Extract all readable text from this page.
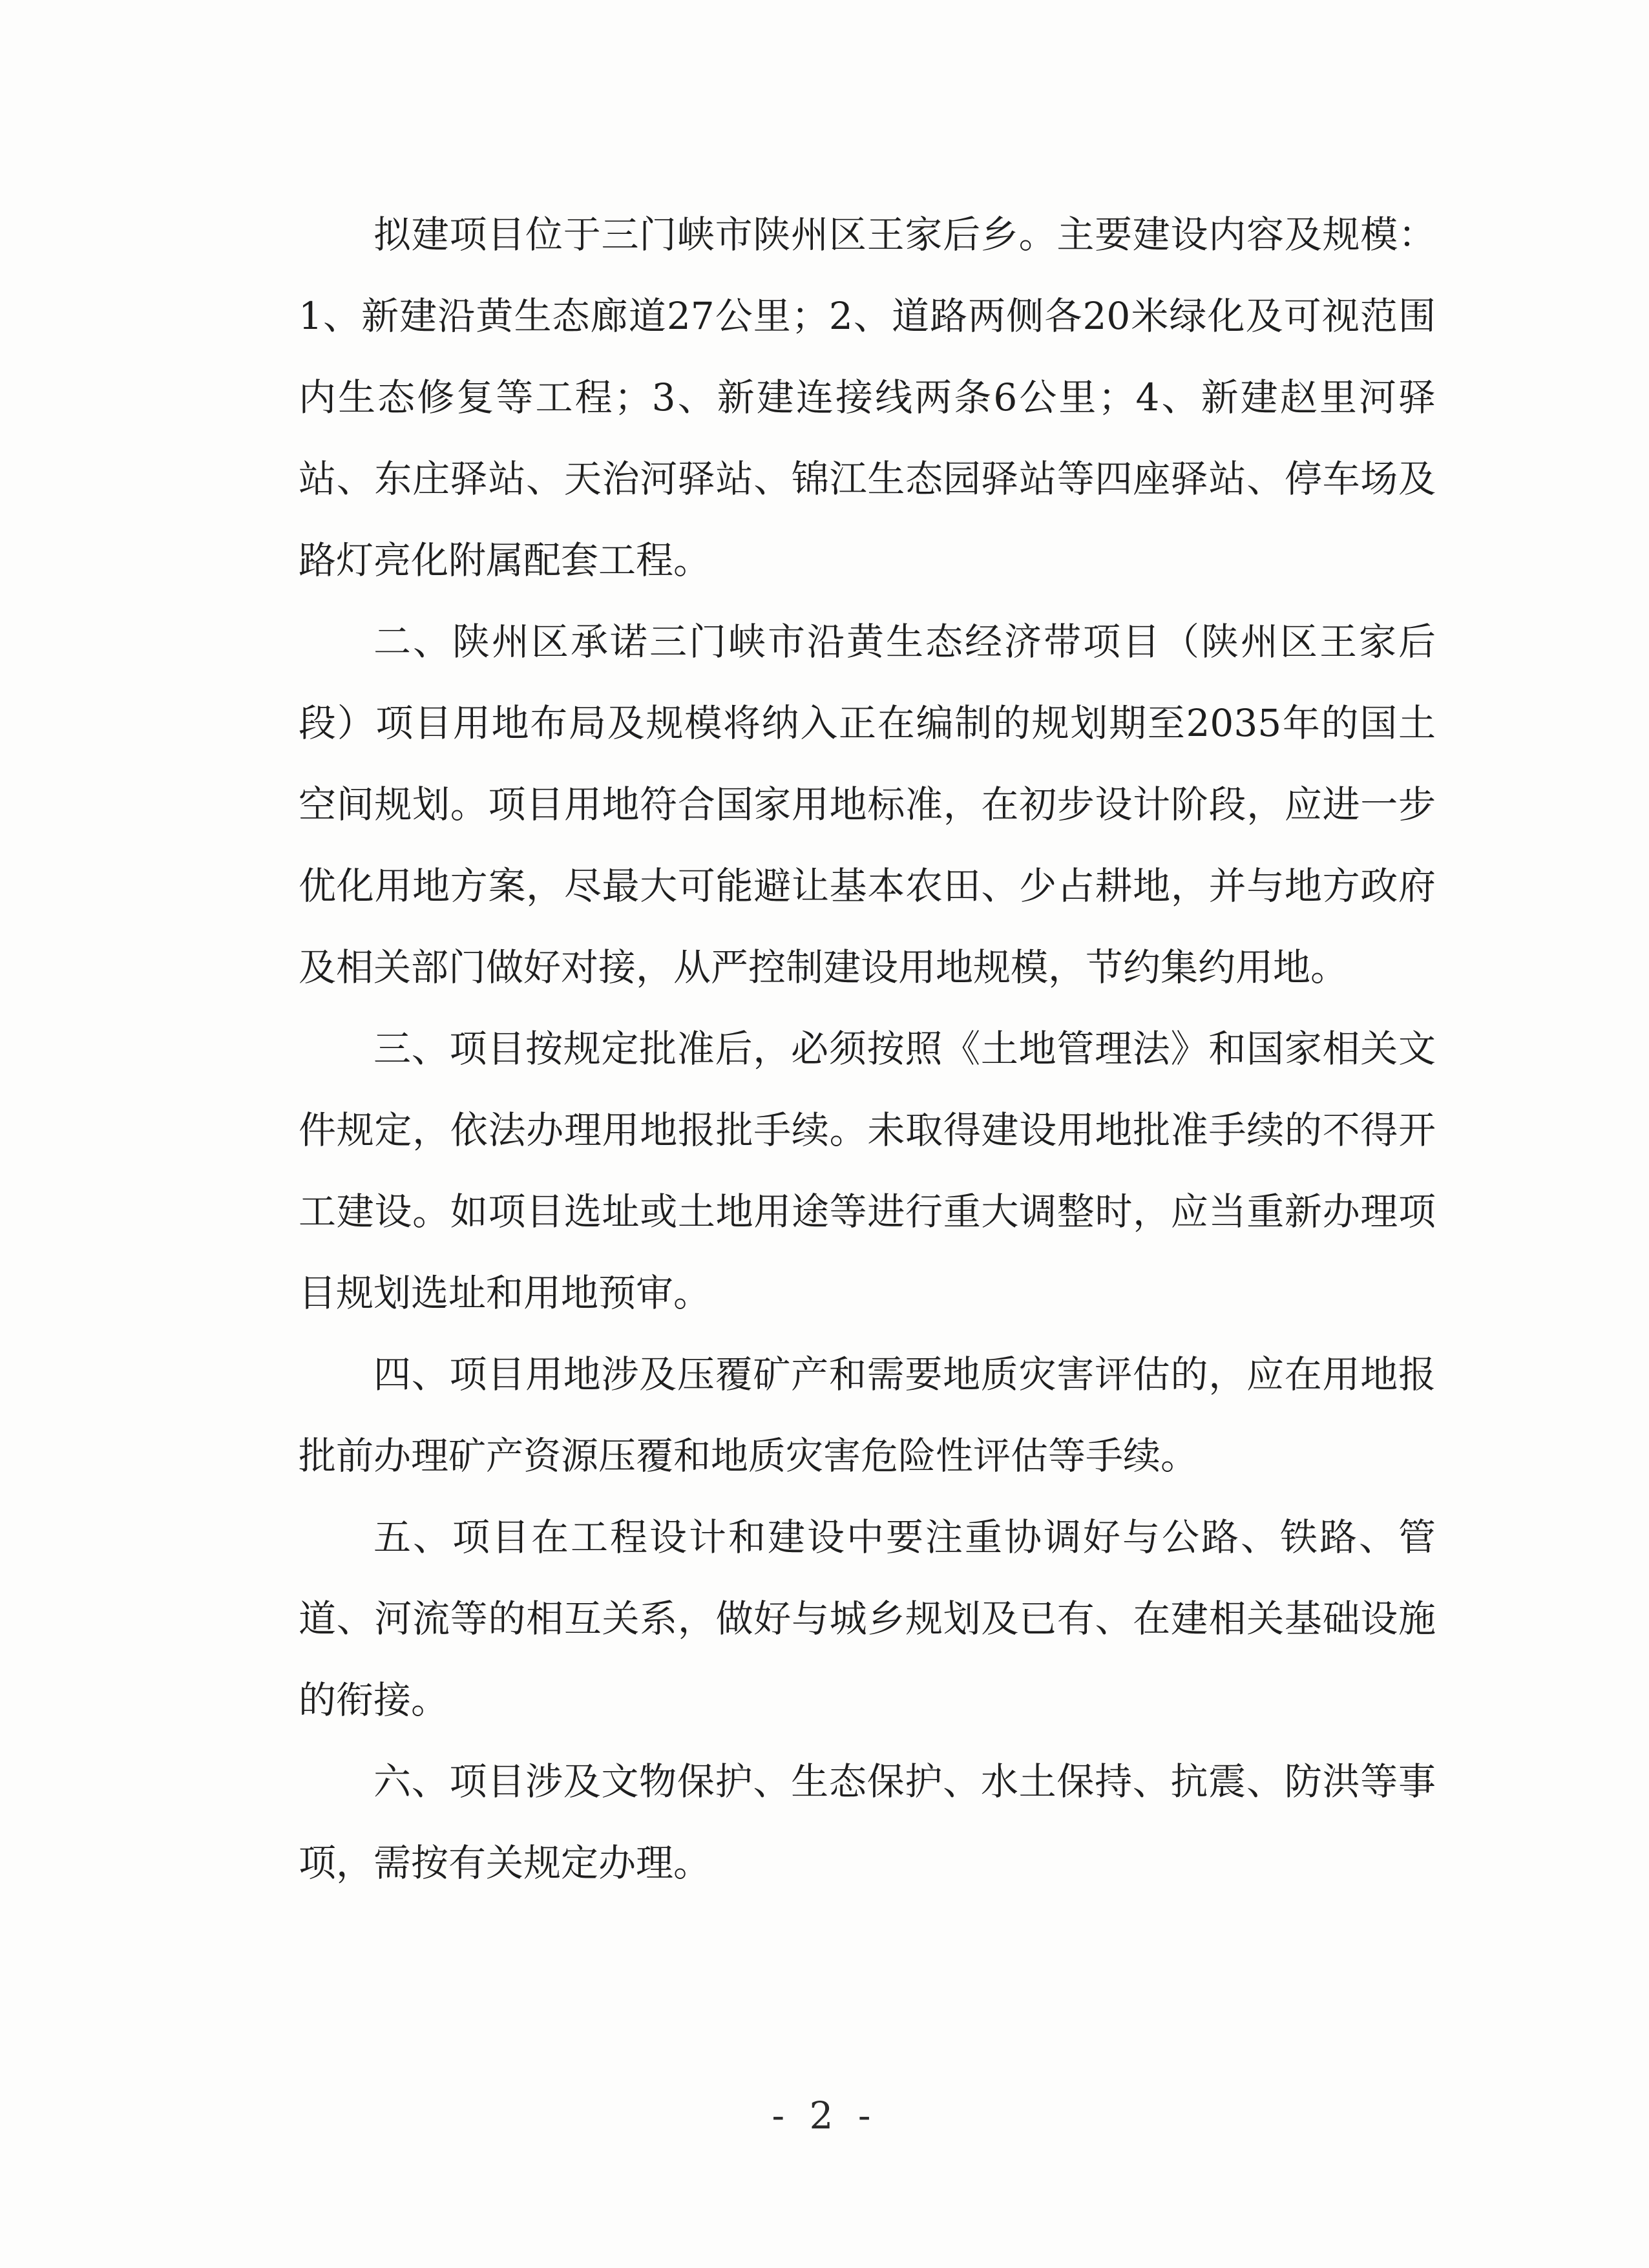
拟建项目位于三门峡市陕州区王家后乡。主要建设内容及规模：1、新建沿黄生态廊道27公里；2、道路两侧各20米绿化及可视范围内生态修复等工程；3、新建连接线两条6公里；4、新建赵里河驿站、东庄驿站、天治河驿站、锦江生态园驿站等四座驿站、停车场及路灯亮化附属配套工程。

二、陕州区承诺三门峡市沿黄生态经济带项目（陕州区王家后段）项目用地布局及规模将纳入正在编制的规划期至2035年的国土空间规划。项目用地符合国家用地标准，在初步设计阶段，应进一步优化用地方案，尽最大可能避让基本农田、少占耕地，并与地方政府及相关部门做好对接，从严控制建设用地规模，节约集约用地。

三、项目按规定批准后，必须按照《土地管理法》和国家相关文件规定，依法办理用地报批手续。未取得建设用地批准手续的不得开工建设。如项目选址或土地用途等进行重大调整时，应当重新办理项目规划选址和用地预审。

四、项目用地涉及压覆矿产和需要地质灾害评估的，应在用地报批前办理矿产资源压覆和地质灾害危险性评估等手续。

五、项目在工程设计和建设中要注重协调好与公路、铁路、管道、河流等的相互关系，做好与城乡规划及已有、在建相关基础设施的衔接。

六、项目涉及文物保护、生态保护、水土保持、抗震、防洪等事项，需按有关规定办理。

- 2 -
